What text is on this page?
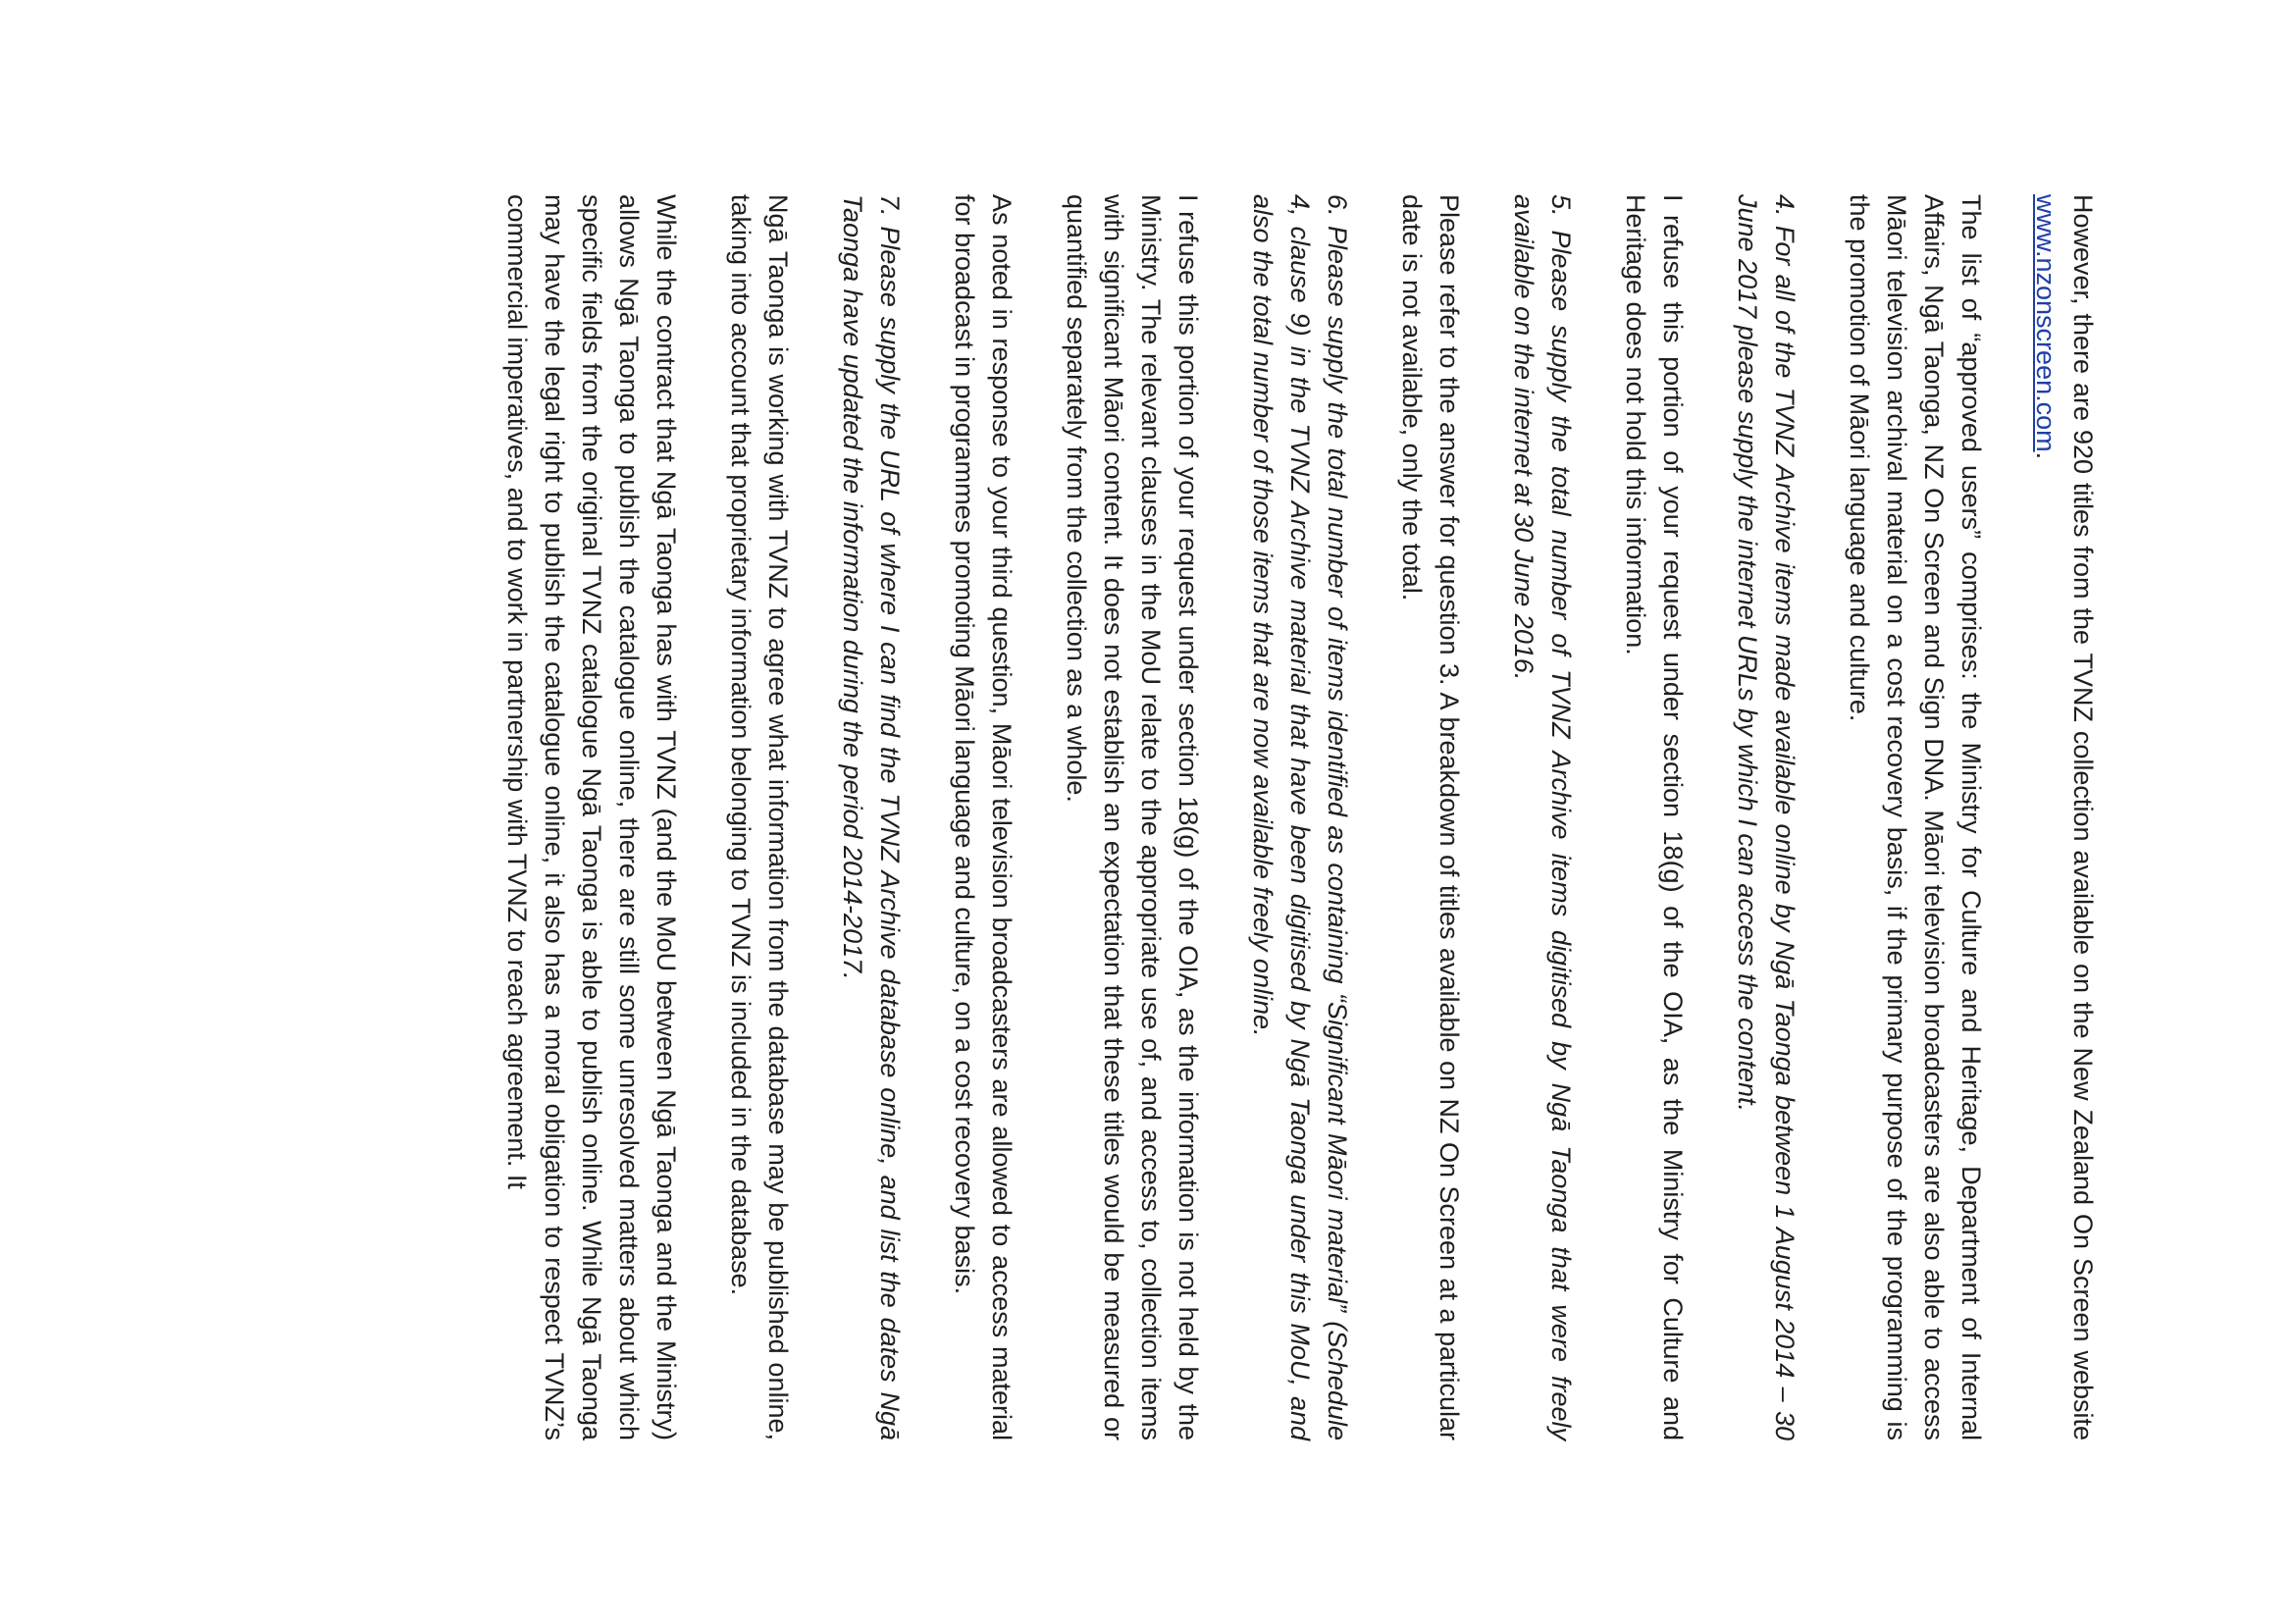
However, there are 920 titles from the TVNZ collection available on the New Zealand On Screen website www.nzonscreen.com.

The list of “approved users” comprises: the Ministry for Culture and Heritage, Department of Internal Affairs, Ngā Taonga, NZ On Screen and Sign DNA. Māori television broadcasters are also able to access Māori television archival material on a cost recovery basis, if the primary purpose of the programming is the promotion of Māori language and culture.

4. For all of the TVNZ Archive items made available online by Ngā Taonga between 1 August 2014 – 30 June 2017 please supply the internet URLs by which I can access the content.

I refuse this portion of your request under section 18(g) of the OIA, as the Ministry for Culture and Heritage does not hold this information.

5. Please supply the total number of TVNZ Archive items digitised by Ngā Taonga that were freely available on the internet at 30 June 2016.

Please refer to the answer for question 3. A breakdown of titles available on NZ On Screen at a particular date is not available, only the total.

6. Please supply the total number of items identified as containing “Significant Māori material” (Schedule 4, clause 9) in the TVNZ Archive material that have been digitised by Ngā Taonga under this MoU, and also the total number of those items that are now available freely online.

I refuse this portion of your request under section 18(g) of the OIA, as the information is not held by the Ministry. The relevant clauses in the MoU relate to the appropriate use of, and access to, collection items with significant Māori content. It does not establish an expectation that these titles would be measured or quantified separately from the collection as a whole.

As noted in response to your third question, Māori television broadcasters are allowed to access material for broadcast in programmes promoting Māori language and culture, on a cost recovery basis.

7. Please supply the URL of where I can find the TVNZ Archive database online, and list the dates Ngā Taonga have updated the information during the period 2014-2017.

Ngā Taonga is working with TVNZ to agree what information from the database may be published online, taking into account that proprietary information belonging to TVNZ is included in the database.

While the contract that Ngā Taonga has with TVNZ (and the MoU between Ngā Taonga and the Ministry) allows Ngā Taonga to publish the catalogue online, there are still some unresolved matters about which specific fields from the original TVNZ catalogue Ngā Taonga is able to publish online. While Ngā Taonga may have the legal right to publish the catalogue online, it also has a moral obligation to respect TVNZ’s commercial imperatives, and to work in partnership with TVNZ to reach agreement. It
